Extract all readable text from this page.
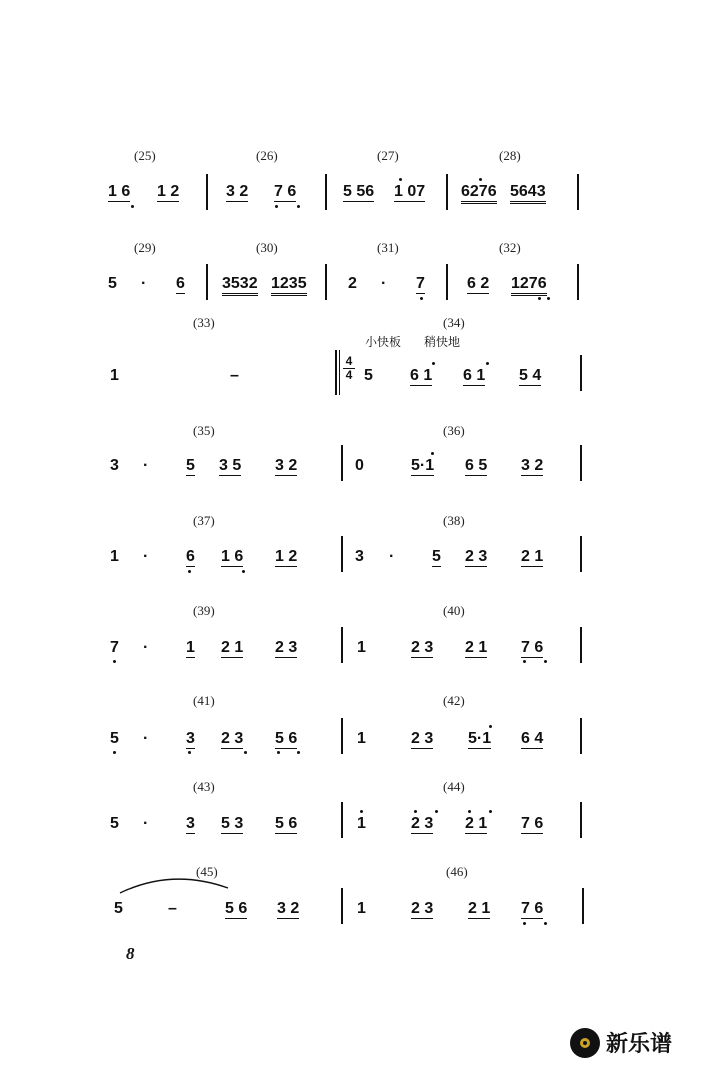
(25)	(26)	(27)	(28)
1 6 1 2	3 2 7 6	5 56 1 07 6276 5643
(29)	(30)	(31)	(32)
5 · 6 3532 1235	2 · 7	6 2 1276
(33)	(34)
小快板 稍快地
1	–
4
4 5 6 1 6 1 5 4
(35)	(36)
3 · 5 3 5 3 2	0	5·1 6 5 3 2
(37)	(38)
1 · 6 1 6 1 2	3 · 5 2 3 2 1
(39)	(40)
7 · 1 2 1 2 3	1	2 3 2 1 7 6
(41)	(42)
5 · 3 2 3 5 6	1	2 3 5·1 6 4
(43)	(44)
5 · 3 5 3 5 6	1	2 3 2 1 7 6
(45)	(46)
5	–	5 6 3 2	1	2 3 2 1 7 6
8
新乐谱
